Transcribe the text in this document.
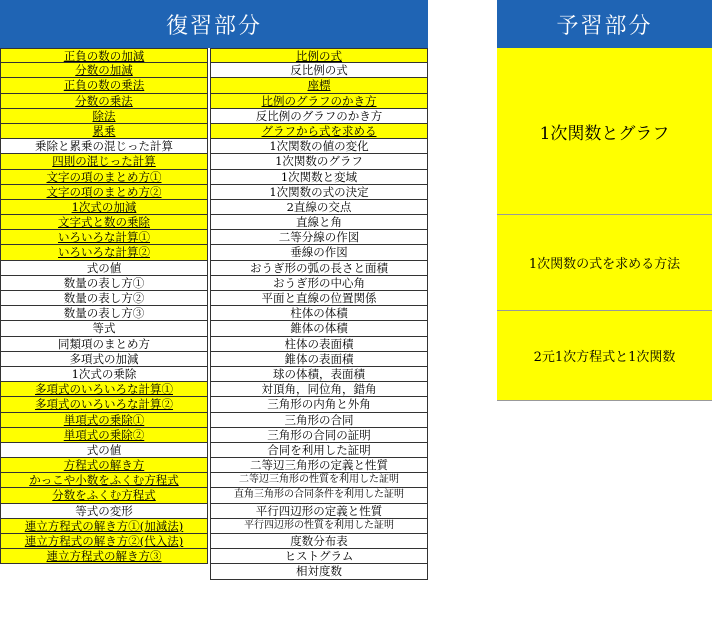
復習部分	予習部分
正負の数の加減
分数の加減
正負の数の乗法
分数の乗法
除法
累乗
乗除と累乗の混じった計算
四則の混じった計算
文字の項のまとめ方①
文字の項のまとめ方②
1次式の加減
文字式と数の乗除
いろいろな計算①
いろいろな計算②
式の値
数量の表し方①
数量の表し方②
数量の表し方③
等式
同類項のまとめ方
多項式の加減
1次式の乗除
多項式のいろいろな計算①
多項式のいろいろな計算②
単項式の乗除①
単項式の乗除②
式の値
方程式の解き方
かっこや小数をふくむ方程式
分数をふくむ方程式
等式の変形
連立方程式の解き方①(加減法)
連立方程式の解き方②(代入法)
連立方程式の解き方③
比例の式
反比例の式
座標
比例のグラフのかき方
反比例のグラフのかき方
グラフから式を求める
1次関数の値の変化
1次関数のグラフ
1次関数と変域
1次関数の式の決定
2直線の交点
直線と角
二等分線の作図
垂線の作図
おうぎ形の弧の長さと面積
おうぎ形の中心角
平面と直線の位置関係
柱体の体積
錐体の体積
柱体の表面積
錐体の表面積
球の体積，表面積
対頂角，同位角，錯角
三角形の内角と外角
三角形の合同
三角形の合同の証明
合同を利用した証明
二等辺三角形の定義と性質
二等辺三角形の性質を利用した証明
直角三角形の合同条件を利用した証明
平行四辺形の定義と性質
平行四辺形の性質を利用した証明
度数分布表
ヒストグラム
相対度数
1次関数とグラフ
1次関数の式を求める方法
2元1次方程式と1次関数
